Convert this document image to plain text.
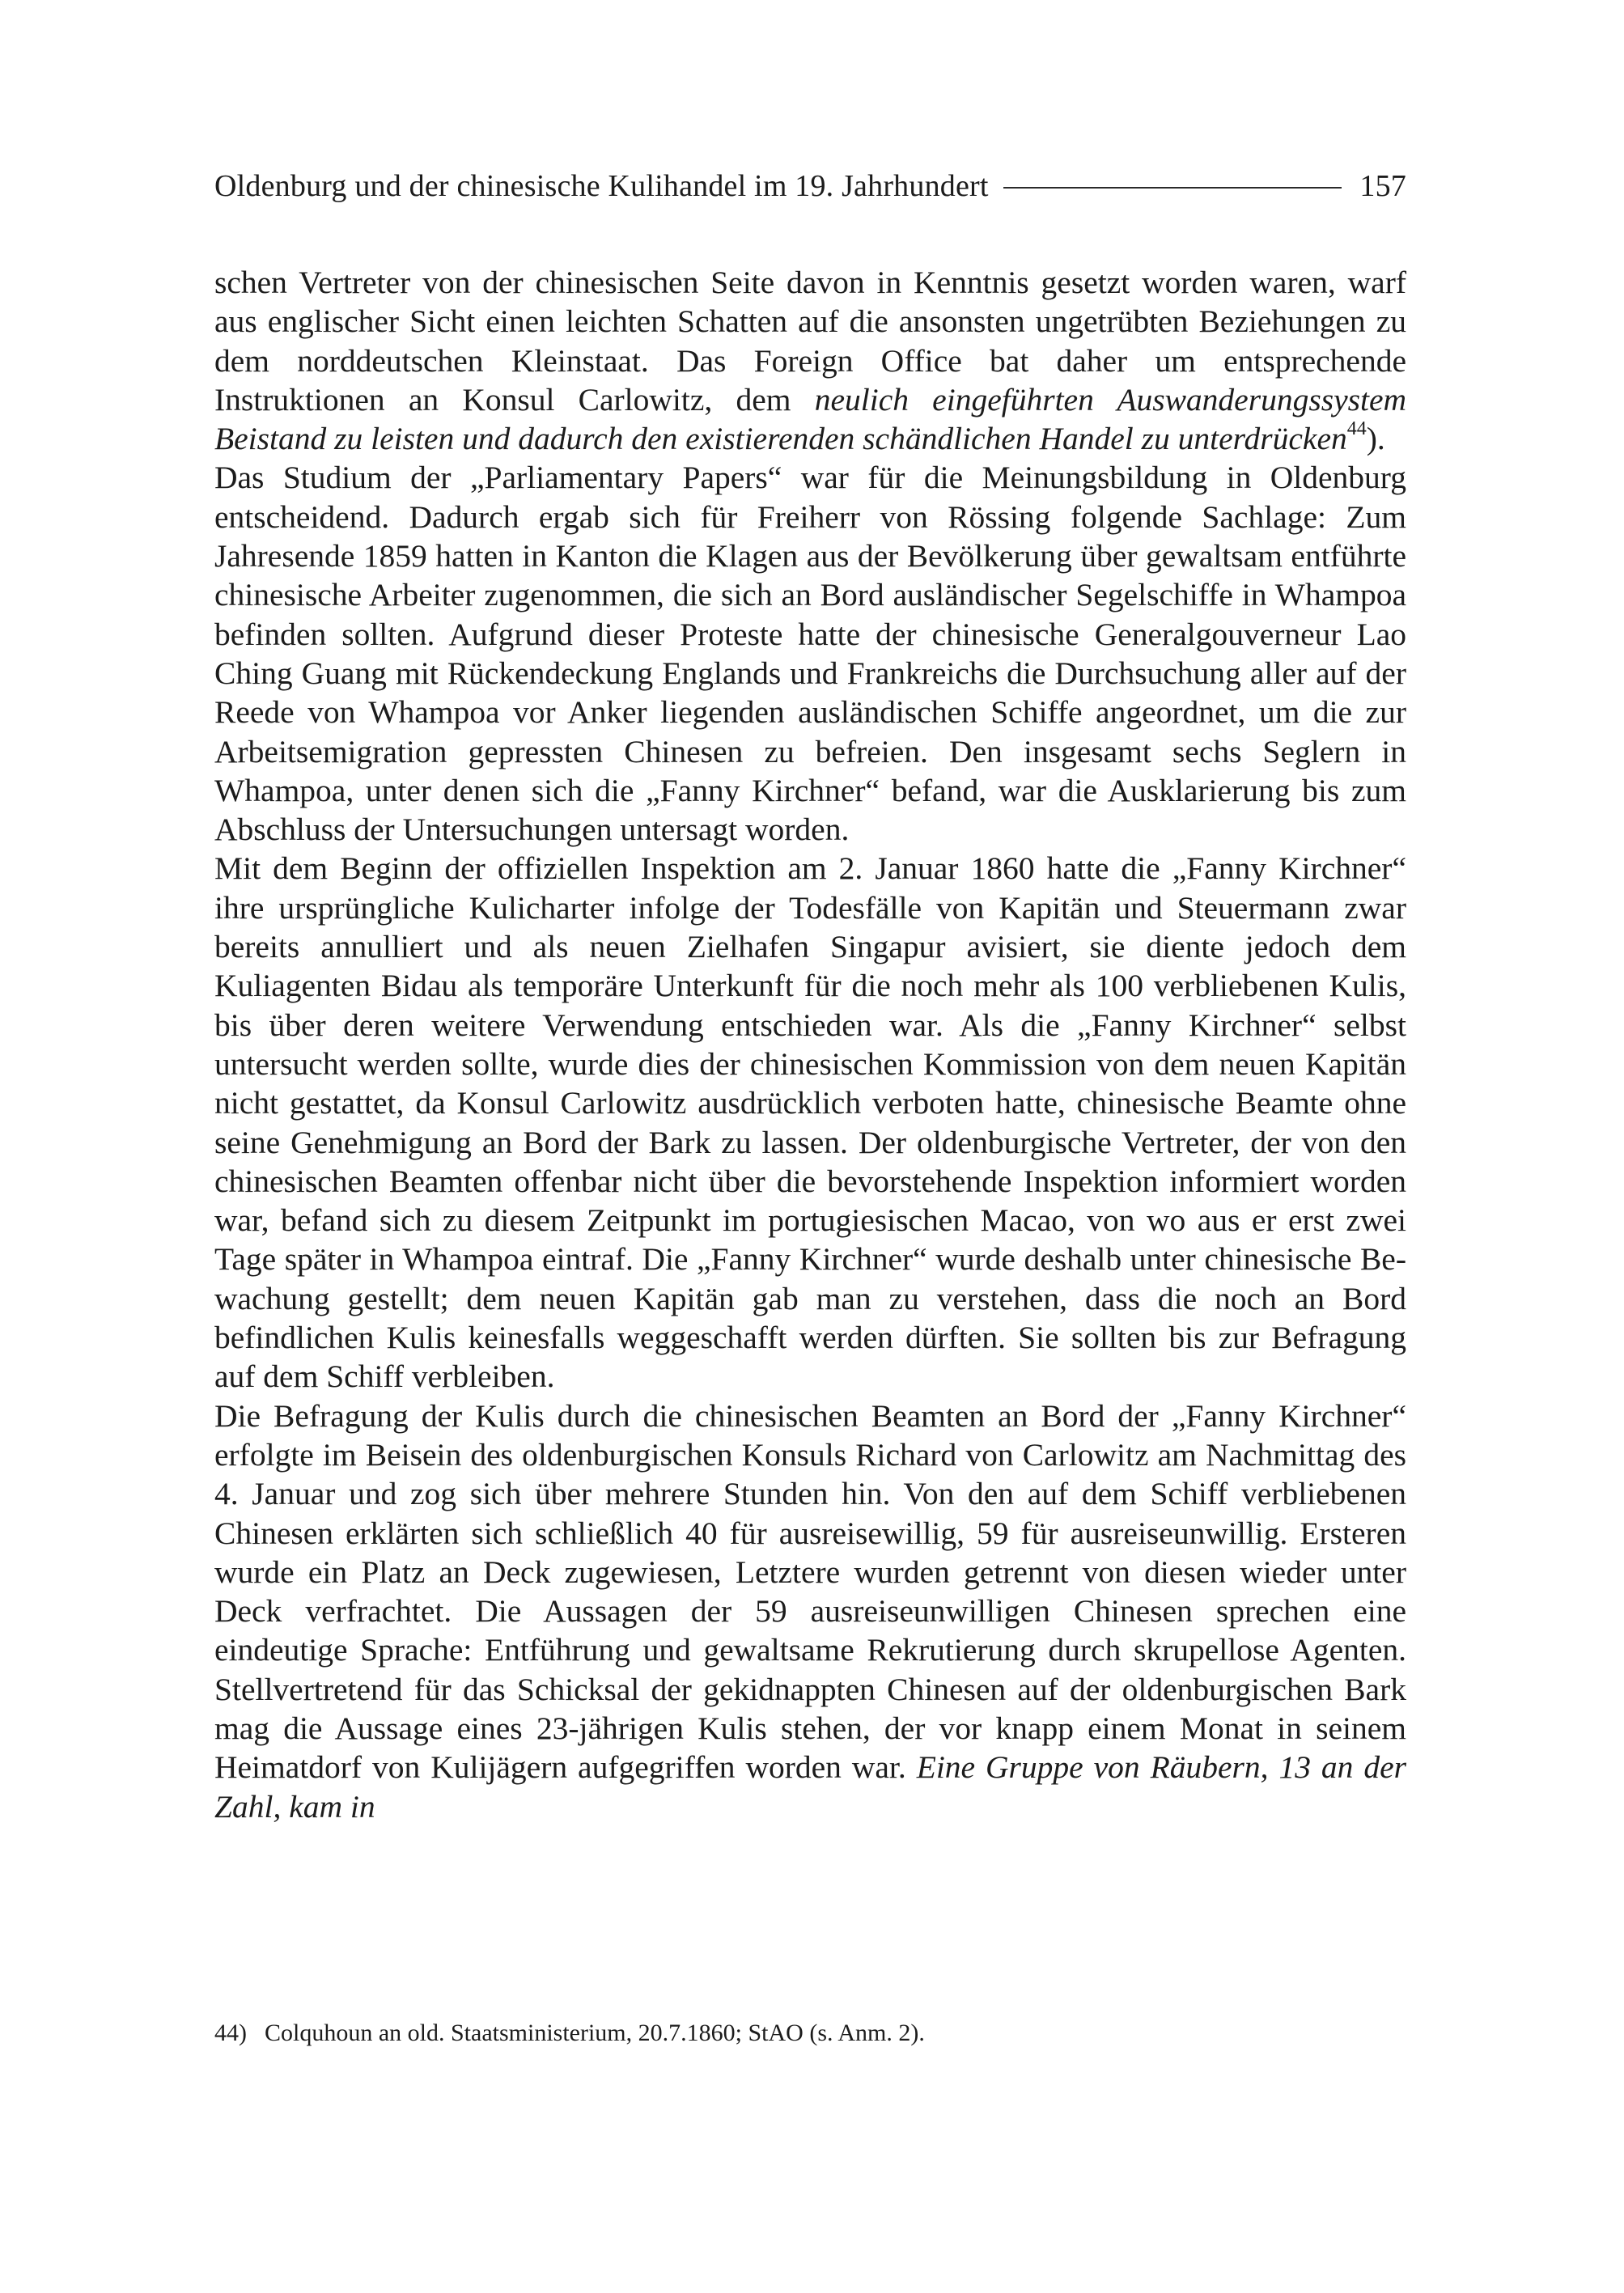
Oldenburg und der chinesische Kulihandel im 19. Jahrhundert	157

schen Vertreter von der chinesischen Seite davon in Kenntnis gesetzt worden waren, warf aus englischer Sicht einen leichten Schatten auf die ansonsten ungetrübten Beziehungen zu dem norddeutschen Kleinstaat. Das Foreign Office bat daher um entsprechende Instruktionen an Konsul Carlowitz, dem neulich eingeführten Auswanderungssystem Beistand zu leisten und dadurch den existierenden schändlichen Handel zu unterdrücken$^{44}$).

Das Studium der „Parliamentary Papers“ war für die Meinungsbildung in Oldenburg entscheidend. Dadurch ergab sich für Freiherr von Rössing folgende Sachlage: Zum Jahresende 1859 hatten in Kanton die Klagen aus der Bevölkerung über gewaltsam entführte chinesische Arbeiter zugenommen, die sich an Bord ausländischer Segelschiffe in Whampoa befinden sollten. Aufgrund dieser Proteste hatte der chinesische Generalgouverneur Lao Ching Guang mit Rückendeckung Englands und Frankreichs die Durchsuchung aller auf der Reede von Whampoa vor Anker liegenden ausländischen Schiffe angeordnet, um die zur Arbeitsemigration gepressten Chinesen zu befreien. Den insgesamt sechs Seglern in Whampoa, unter denen sich die „Fanny Kirchner“ befand, war die Ausklarierung bis zum Abschluss der Untersuchungen untersagt worden.

Mit dem Beginn der offiziellen Inspektion am 2. Januar 1860 hatte die „Fanny Kirchner“ ihre ursprüngliche Kulicharter infolge der Todesfälle von Kapitän und Steuermann zwar bereits annulliert und als neuen Zielhafen Singapur avisiert, sie diente jedoch dem Kuliagenten Bidau als temporäre Unterkunft für die noch mehr als 100 verbliebenen Kulis, bis über deren weitere Verwendung entschieden war. Als die „Fanny Kirchner“ selbst untersucht werden sollte, wurde dies der chinesischen Kommission von dem neuen Kapitän nicht gestattet, da Konsul Carlowitz ausdrücklich verboten hatte, chinesische Beamte ohne seine Genehmigung an Bord der Bark zu lassen. Der oldenburgische Vertreter, der von den chinesischen Beamten offenbar nicht über die bevorstehende Inspektion informiert worden war, befand sich zu diesem Zeitpunkt im portugiesischen Macao, von wo aus er erst zwei Tage später in Whampoa eintraf. Die „Fanny Kirchner“ wurde deshalb unter chinesische Bewachung gestellt; dem neuen Kapitän gab man zu verstehen, dass die noch an Bord befindlichen Kulis keinesfalls weggeschafft werden dürften. Sie sollten bis zur Befragung auf dem Schiff verbleiben.

Die Befragung der Kulis durch die chinesischen Beamten an Bord der „Fanny Kirchner“ erfolgte im Beisein des oldenburgischen Konsuls Richard von Carlowitz am Nachmittag des 4. Januar und zog sich über mehrere Stunden hin. Von den auf dem Schiff verbliebenen Chinesen erklärten sich schließlich 40 für ausreisewillig, 59 für ausreiseunwillig. Ersteren wurde ein Platz an Deck zugewiesen, Letztere wurden getrennt von diesen wieder unter Deck verfrachtet. Die Aussagen der 59 ausreiseunwilligen Chinesen sprechen eine eindeutige Sprache: Entführung und gewaltsame Rekrutierung durch skrupellose Agenten. Stellvertretend für das Schicksal der gekidnappten Chinesen auf der oldenburgischen Bark mag die Aussage eines 23-jährigen Kulis stehen, der vor knapp einem Monat in seinem Heimatdorf von Kulijägern aufgegriffen worden war. Eine Gruppe von Räubern, 13 an der Zahl, kam in

44) Colquhoun an old. Staatsministerium, 20.7.1860; StAO (s. Anm. 2).
